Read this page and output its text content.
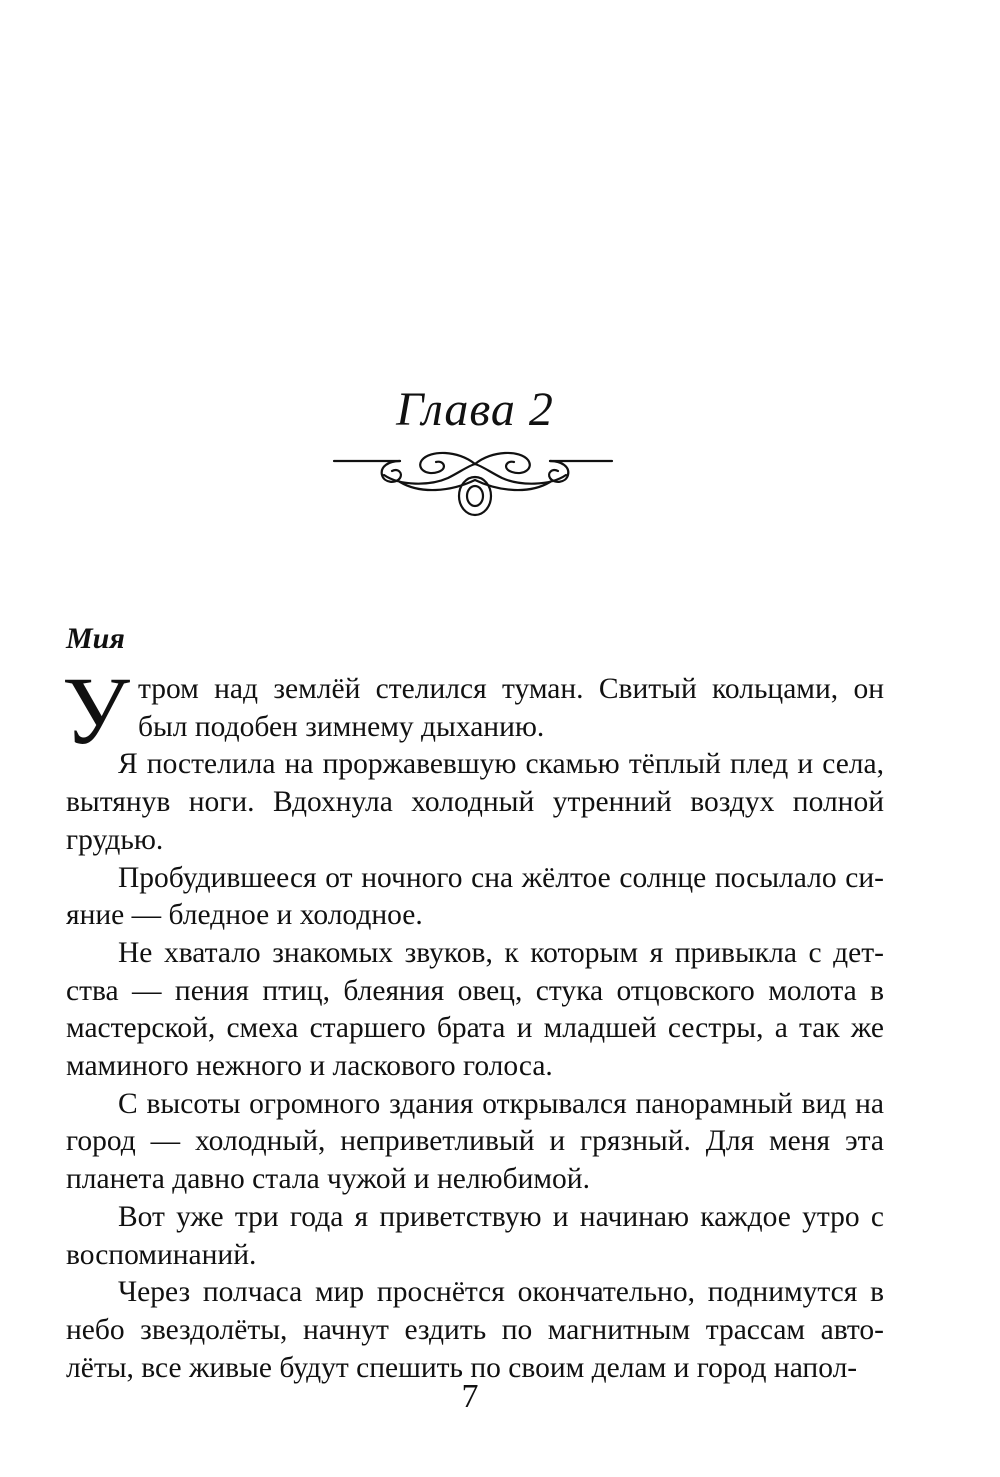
Глава 2
Мия

Утром над землёй стелился туман. Свитый кольцами, он был подобен зимнему дыханию.

Я постелила на проржавевшую скамью тёплый плед и села, вытянув ноги. Вдохнула холодный утренний воздух полной грудью.

Пробудившееся от ночного сна жёлтое солнце посылало сияние — бледное и холодное.

Не хватало знакомых звуков, к которым я привыкла с детства — пения птиц, блеяния овец, стука отцовского молота в мастерской, смеха старшего брата и младшей сестры, а так же маминого нежного и ласкового голоса.

С высоты огромного здания открывался панорамный вид на город — холодный, неприветливый и грязный. Для меня эта планета давно стала чужой и нелюбимой.

Вот уже три года я приветствую и начинаю каждое утро с воспоминаний.

Через полчаса мир проснётся окончательно, поднимутся в небо звездолёты, начнут ездить по магнитным трассам автолёты, все живые будут спешить по своим делам и город напол-

7
